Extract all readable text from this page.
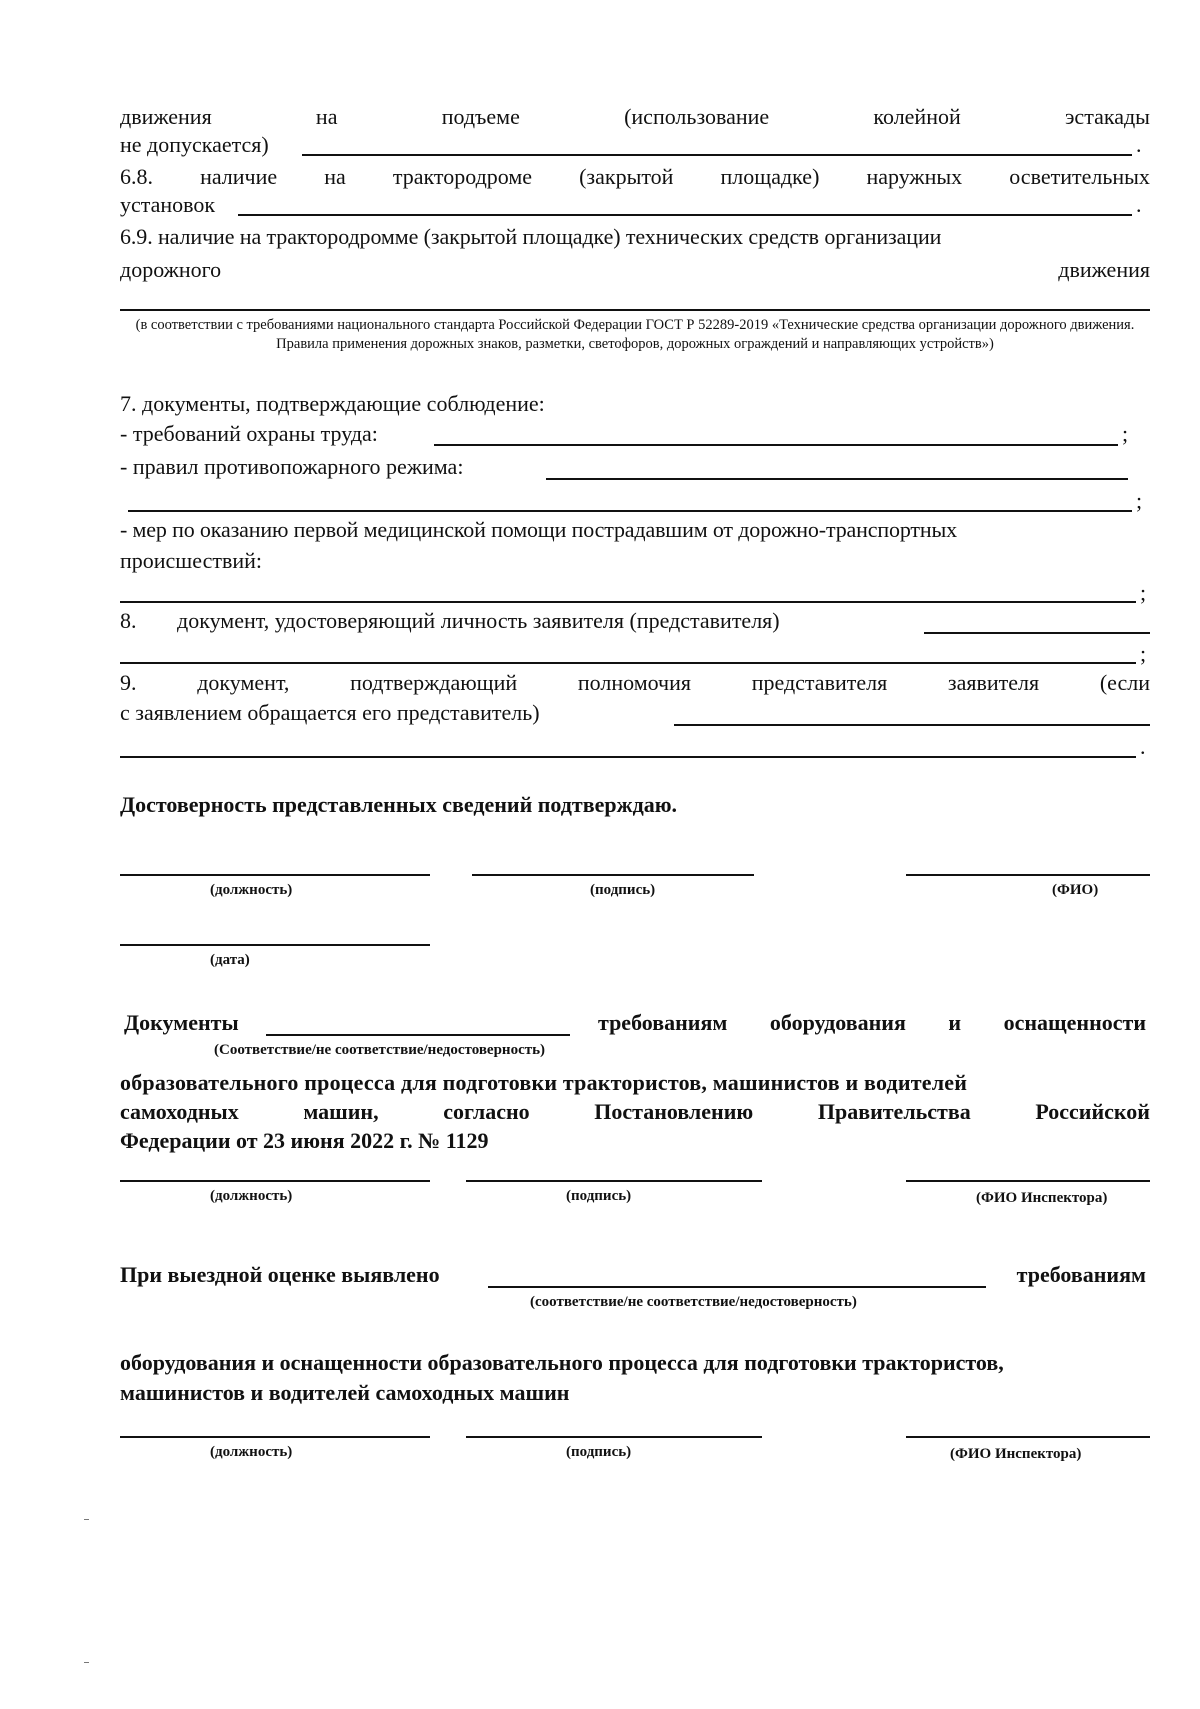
движения	на	подъеме	(использование	колейной	эстакады
не допускается)	.
6.8. наличие на трактородроме (закрытой площадке) наружных осветительных
установок	.
6.9. наличие на трактородромме (закрытой площадке) технических средств организации
дорожного	движения
(в соответствии с требованиями национального стандарта Российской Федерации ГОСТ Р 52289-2019 «Технические средства организации дорожного движения. Правила применения дорожных знаков, разметки, светофоров, дорожных ограждений и направляющих устройств»)
7. документы, подтверждающие соблюдение:
- требований охраны труда:	;
- правил противопожарного режима:
;
- мер по оказанию первой медицинской помощи пострадавшим от дорожно-транспортных
происшествий:
;
8. документ, удостоверяющий личность заявителя (представителя)
;
9.	документ,	подтверждающий	полномочия	представителя	заявителя	(если
с заявлением обращается его представитель)
.
Достоверность представленных сведений подтверждаю.
(должность)	(подпись)	(ФИО)
(дата)
Документы	требованиям оборудования и оснащенности
(Соответствие/не соответствие/недостоверность)
образовательного процесса для подготовки трактористов, машинистов и водителей
самоходных	машин,	согласно	Постановлению	Правительства	Российской
Федерации от 23 июня 2022 г. № 1129
(должность)	(подпись)	(ФИО Инспектора)
При выездной оценке выявлено	требованиям
(соответствие/не соответствие/недостоверность)
оборудования и оснащенности образовательного процесса для подготовки трактористов,
машинистов и водителей самоходных машин
(должность)	(подпись)	(ФИО Инспектора)
